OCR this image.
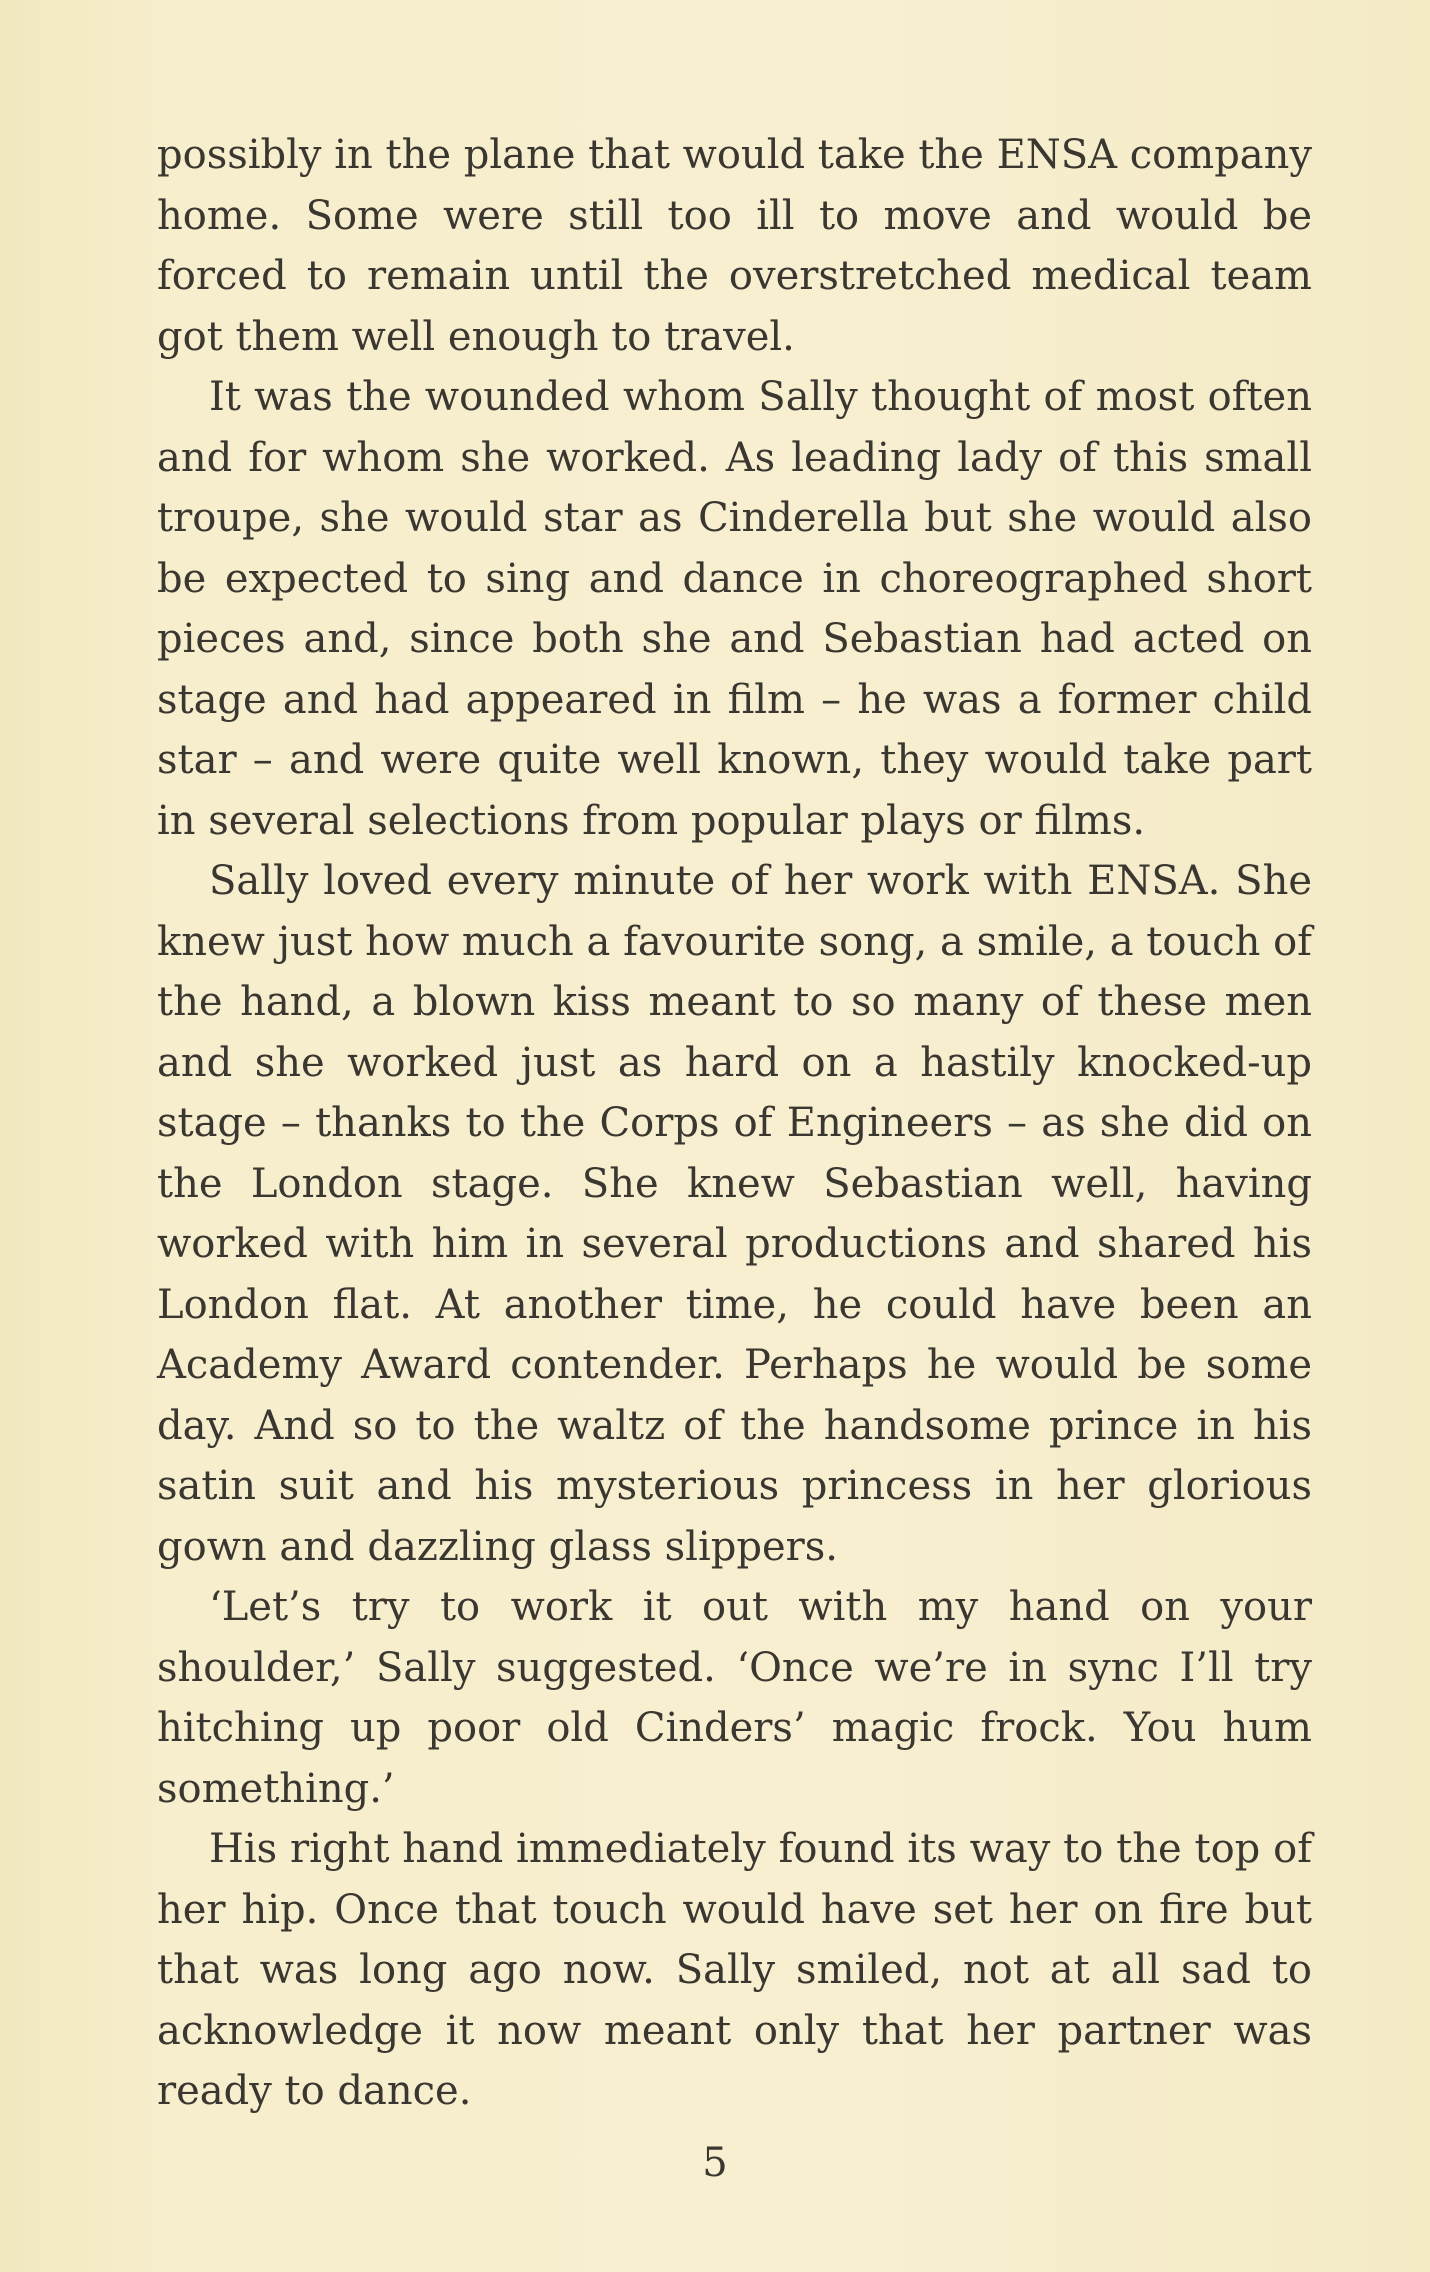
possibly in the plane that would take the ENSA company home. Some were still too ill to move and would be forced to remain until the overstretched medical team got them well enough to travel.

It was the wounded whom Sally thought of most often and for whom she worked. As leading lady of this small troupe, she would star as Cinderella but she would also be expected to sing and dance in choreographed short pieces and, since both she and Sebastian had acted on stage and had appeared in film – he was a former child star – and were quite well known, they would take part in several selections from popular plays or films.

Sally loved every minute of her work with ENSA. She knew just how much a favourite song, a smile, a touch of the hand, a blown kiss meant to so many of these men and she worked just as hard on a hastily knocked-up stage – thanks to the Corps of Engineers – as she did on the London stage. She knew Sebastian well, having worked with him in several productions and shared his London flat. At another time, he could have been an Academy Award contender. Perhaps he would be some day. And so to the waltz of the handsome prince in his satin suit and his mysterious princess in her glorious gown and dazzling glass slippers.

‘Let’s try to work it out with my hand on your shoulder,’ Sally suggested. ‘Once we’re in sync I’ll try hitching up poor old Cinders’ magic frock. You hum something.’

His right hand immediately found its way to the top of her hip. Once that touch would have set her on fire but that was long ago now. Sally smiled, not at all sad to acknowledge it now meant only that her partner was ready to dance.

5
